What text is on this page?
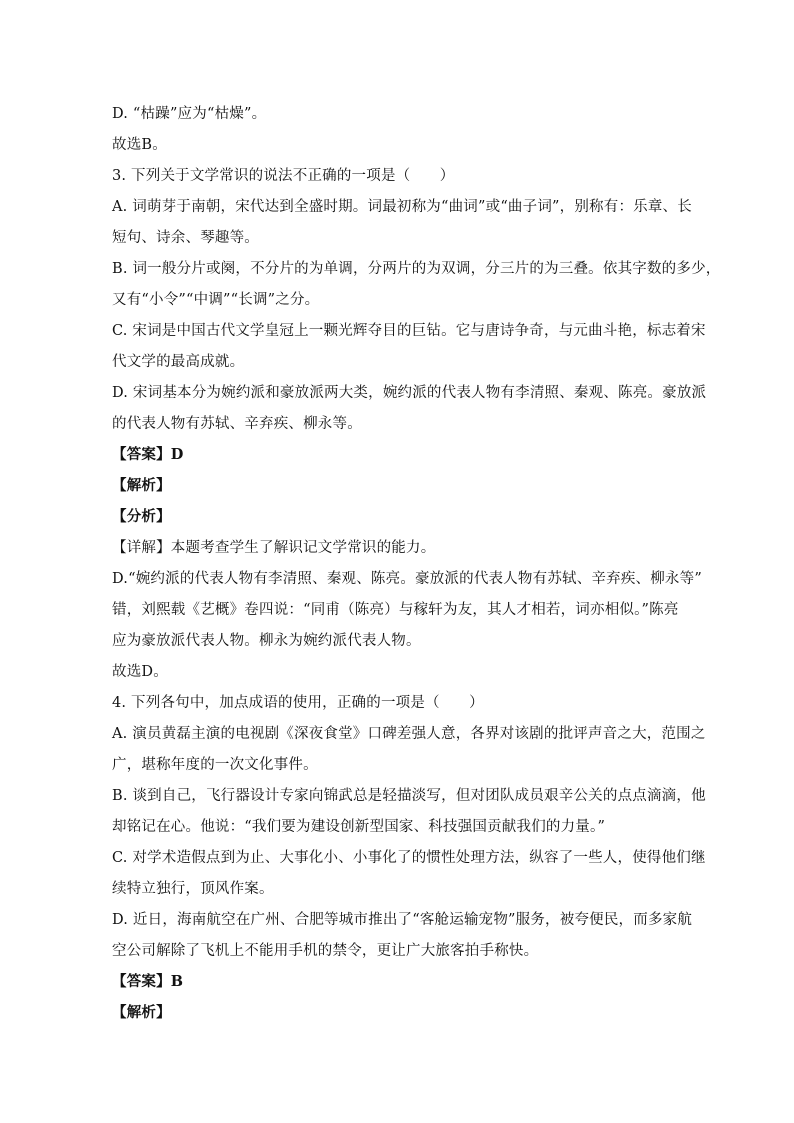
D. “枯躁”应为“枯燥”。
故选B。
3. 下列关于文学常识的说法不正确的一项是（　　）
A. 词萌芽于南朝，宋代达到全盛时期。词最初称为“曲词”或“曲子词”，别称有：乐章、长
短句、诗余、琴趣等。
B. 词一般分片或阕，不分片的为单调，分两片的为双调，分三片的为三叠。依其字数的多少，
又有“小令”“中调”“长调”之分。
C. 宋词是中国古代文学皇冠上一颗光辉夺目的巨钻。它与唐诗争奇，与元曲斗艳，标志着宋
代文学的最高成就。
D. 宋词基本分为婉约派和豪放派两大类，婉约派的代表人物有李清照、秦观、陈亮。豪放派
的代表人物有苏轼、辛弃疾、柳永等。
【答案】D
【解析】
【分析】
【详解】本题考查学生了解识记文学常识的能力。
D.“婉约派的代表人物有李清照、秦观、陈亮。豪放派的代表人物有苏轼、辛弃疾、柳永等”
错，刘熙载《艺概》卷四说：“同甫（陈亮）与稼轩为友，其人才相若，词亦相似。”陈亮
应为豪放派代表人物。柳永为婉约派代表人物。
故选D。
4. 下列各句中，加点成语的使用，正确的一项是（　　）
A. 演员黄磊主演的电视剧《深夜食堂》口碑差强人意，各界对该剧的批评声音之大，范围之
广，堪称年度的一次文化事件。
B. 谈到自己，飞行器设计专家向锦武总是轻描淡写，但对团队成员艰辛公关的点点滴滴，他
却铭记在心。他说：“我们要为建设创新型国家、科技强国贡献我们的力量。”
C. 对学术造假点到为止、大事化小、小事化了的惯性处理方法，纵容了一些人，使得他们继
续特立独行，顶风作案。
D. 近日，海南航空在广州、合肥等城市推出了“客舱运输宠物”服务，被夸便民，而多家航
空公司解除了飞机上不能用手机的禁令，更让广大旅客拍手称快。
【答案】B
【解析】
